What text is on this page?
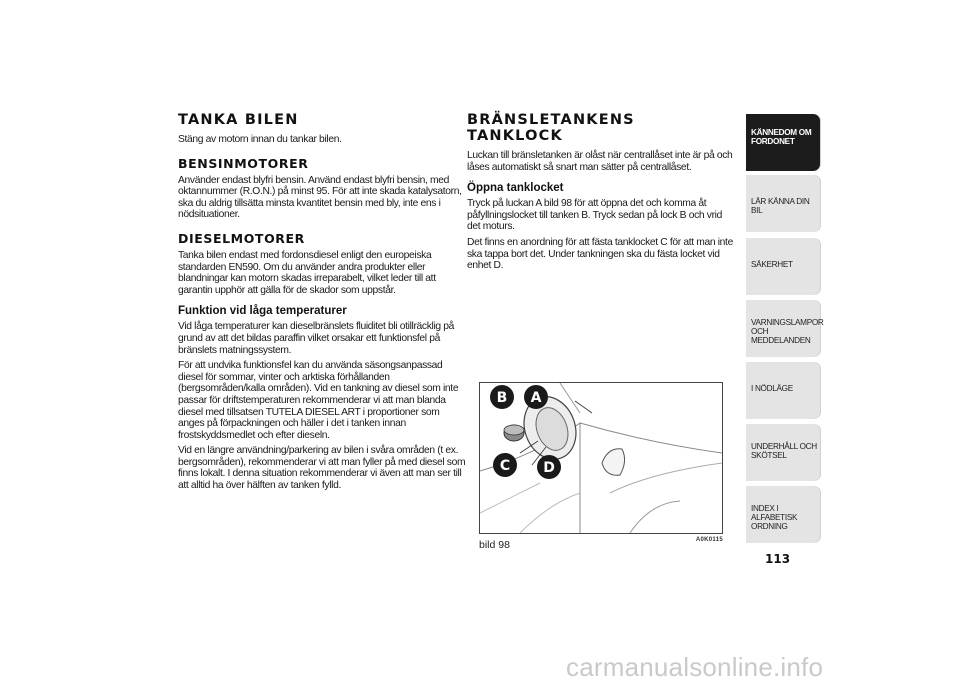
TANKA BILEN

Stäng av motorn innan du tankar bilen.

BENSINMOTORER

Använder endast blyfri bensin. Använd endast blyfri bensin, med oktannummer (R.O.N.) på minst 95. För att inte skada katalysatorn, ska du aldrig tillsätta minsta kvantitet bensin med bly, inte ens i nödsituationer.

DIESELMOTORER

Tanka bilen endast med fordonsdiesel enligt den europeiska standarden EN590. Om du använder andra produkter eller blandningar kan motorn skadas irreparabelt, vilket leder till att garantin upphör att gälla för de skador som uppstår.

Funktion vid låga temperaturer

Vid låga temperaturer kan dieselbränslets fluiditet bli otillräcklig på grund av att det bildas paraffin vilket orsakar ett funktionsfel på bränslets matningssystem.

För att undvika funktionsfel kan du använda säsongsanpassad diesel för sommar, vinter och arktiska förhållanden (bergsområden/kalla områden). Vid en tankning av diesel som inte passar för driftstemperaturen rekommenderar vi att man blanda diesel med tillsatsen TUTELA DIESEL ART i proportioner som anges på förpackningen och häller i det i tanken innan frostskyddsmedlet och efter dieseln.

Vid en längre användning/parkering av bilen i svåra områden (t ex. bergsområden), rekommenderar vi att man fyller på med diesel som finns lokalt. I denna situation rekommenderar vi även att man ser till att alltid ha över hälften av tanken fylld.

BRÄNSLETANKENS TANKLOCK

Luckan till bränsletanken är olåst när centrallåset inte är på och låses automatiskt så snart man sätter på centrallåset.

Öppna tanklocket

Tryck på luckan A bild 98 för att öppna det och komma åt påfyllningslocket till tanken B. Tryck sedan på lock B och vrid det moturs.

Det finns en anordning för att fästa tanklocket C för att man inte ska tappa bort det. Under tankningen ska du fästa locket vid enhet D.

B A
C D
bild 98	A0K0115
KÄNNEDOM OM FORDONET
LÄR KÄNNA DIN BIL
SÄKERHET
VARNINGSLAMPOR OCH MEDDELANDEN
I NÖDLÄGE
UNDERHÅLL OCH SKÖTSEL
INDEX I ALFABETISK ORDNING
113
carmanualsonline.info
